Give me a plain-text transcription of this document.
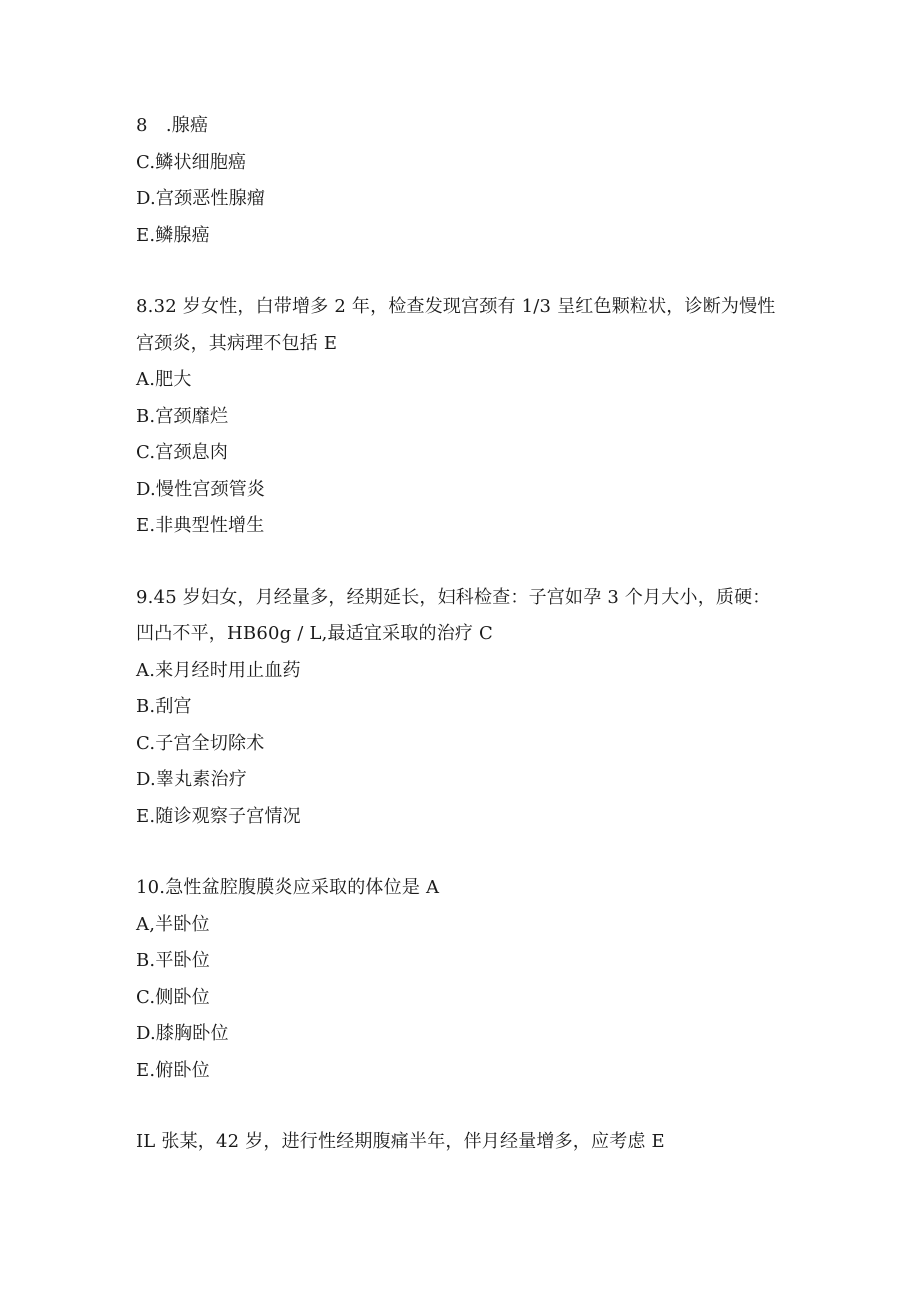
8　.腺癌
C.鳞状细胞癌
D.宫颈恶性腺瘤
E.鳞腺癌
8.32 岁女性，白带增多 2 年，检查发现宫颈有 1/3 呈红色颗粒状，诊断为慢性
宫颈炎，其病理不包括 E
A.肥大
B.宫颈靡烂
C.宫颈息肉
D.慢性宫颈管炎
E.非典型性增生
9.45 岁妇女，月经量多，经期延长，妇科检查：子宫如孕 3 个月大小，质硬：
凹凸不平，HB60g / L,最适宜采取的治疗 C
A.来月经时用止血药
B.刮宫
C.子宫全切除术
D.睾丸素治疗
E.随诊观察子宫情况
10.急性盆腔腹膜炎应采取的体位是 A
A,半卧位
B.平卧位
C.侧卧位
D.膝胸卧位
E.俯卧位
IL 张某，42 岁，进行性经期腹痛半年，伴月经量增多，应考虑 E
